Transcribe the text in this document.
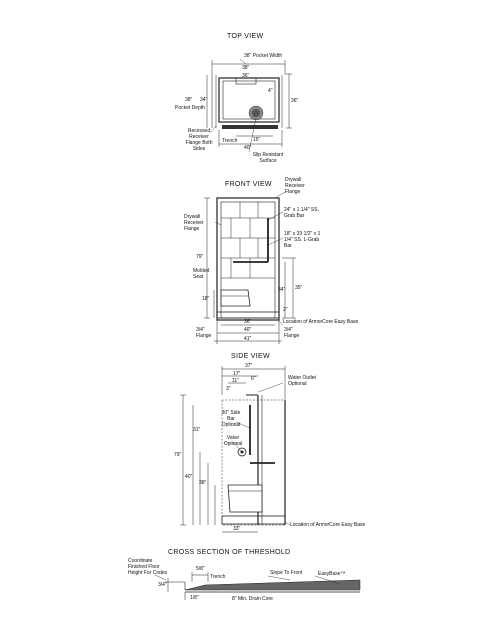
TOP VIEW
38" Pocket Width
38"
36"
38"
Pocket Depth
34"	36"
4"
Trench	15"
40"
Recessed Receiver Flange Both Sides
Slip Resistant Surface
FRONT VIEW
Drywall Receiver Flange
Drywall Receiver Flange
24" x 1 1/4" SS. Grab Bar
18" x 33 1/2" x 1 1/4" SS. L-Grab Bar
79"
Molded Seat
18"
34" 35"
2"
36"
40"
41"
3/4" Flange
3/4" Flange
Location of ArmorCore Easy Base
SIDE VIEW
37"
17"
11" 6"
3"
Water Outlet Optional
30" Side Bar Optional
Valve Optional
31"
79"
40"
38"
33"
Location of ArmorCore Easy Base
CROSS SECTION OF THRESHOLD
Coordinate Finished Floor Height For Codes
3/4"
5/8"
Trench
Slope To Front	EasyBase™
1/8"	8" Min. Drain Core
